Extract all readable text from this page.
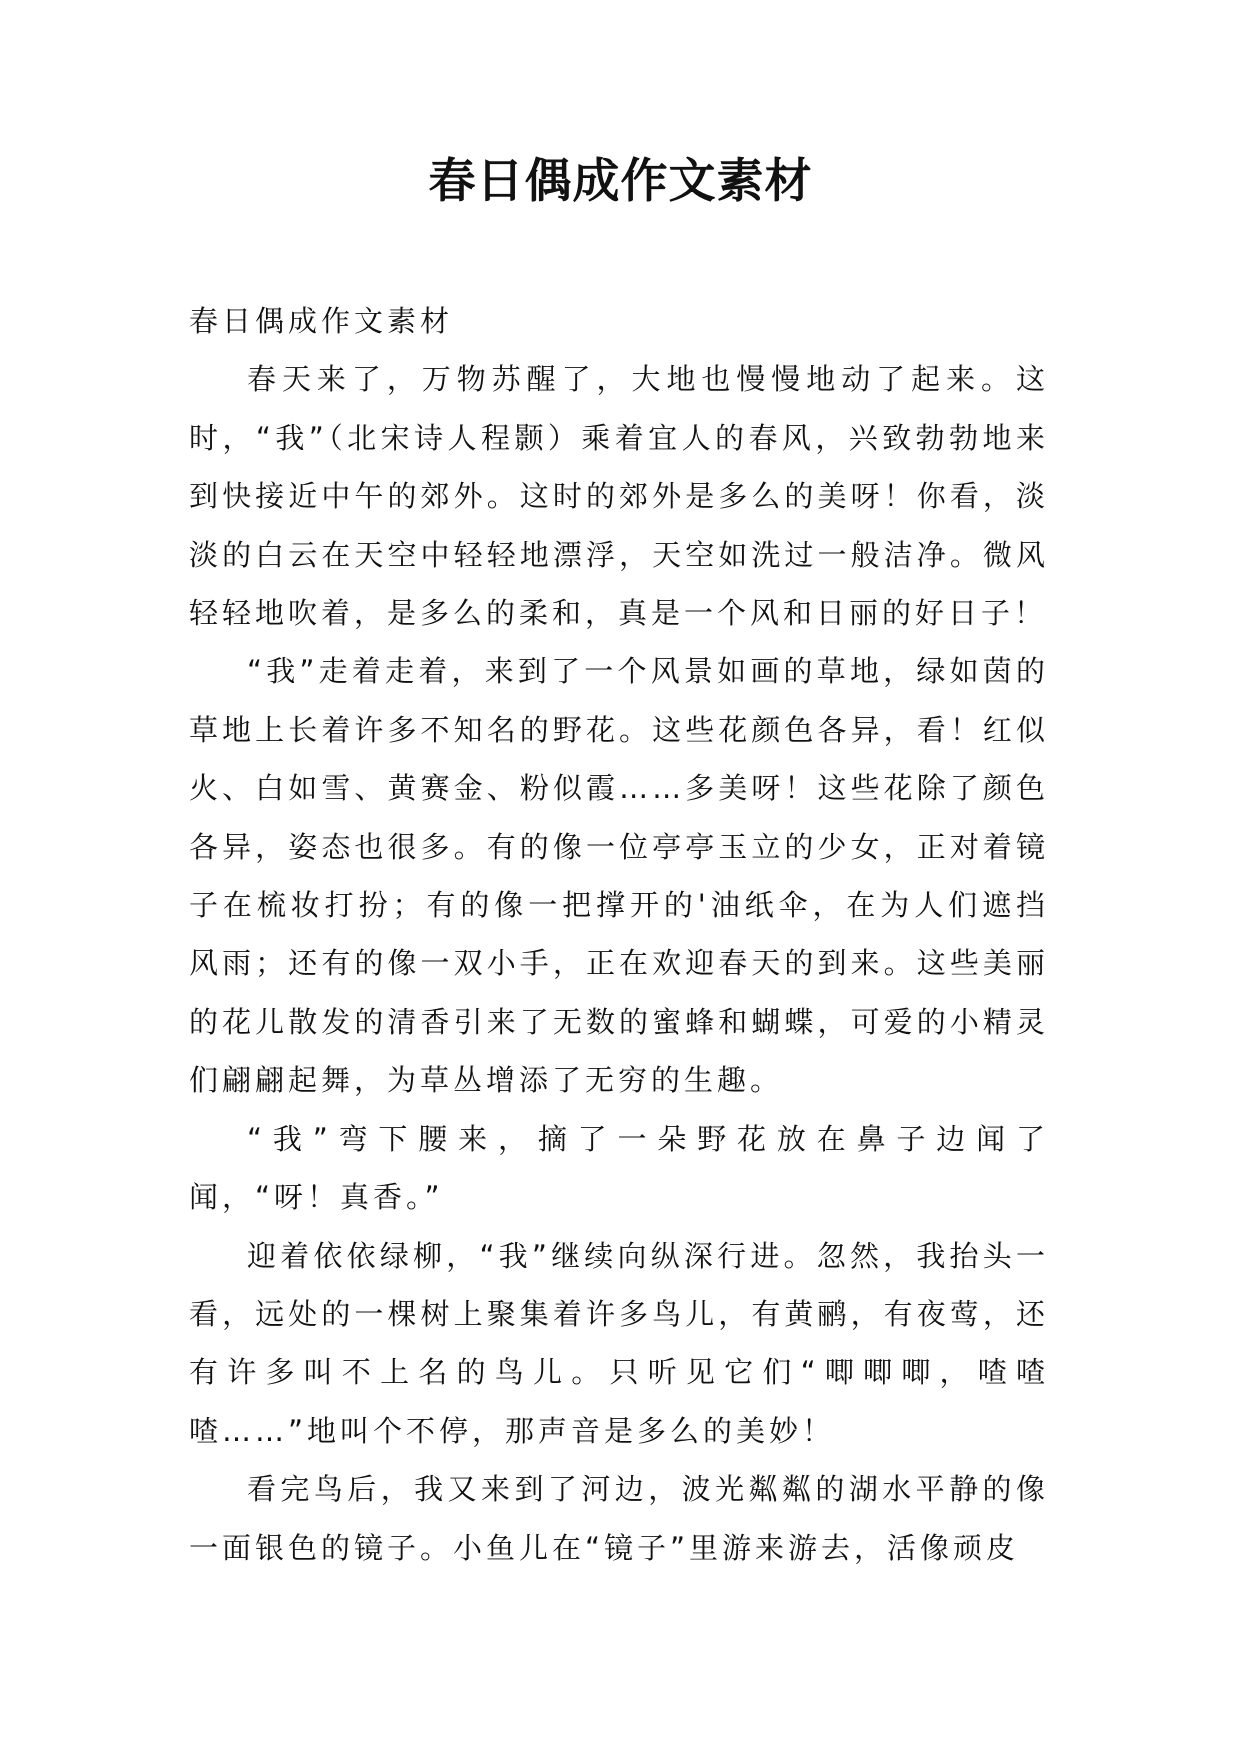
春日偶成作文素材

春日偶成作文素材

春天来了，万物苏醒了，大地也慢慢地动了起来。这时，“我”（北宋诗人程颢）乘着宜人的春风，兴致勃勃地来到快接近中午的郊外。这时的郊外是多么的美呀！你看，淡淡的白云在天空中轻轻地漂浮，天空如洗过一般洁净。微风轻轻地吹着，是多么的柔和，真是一个风和日丽的好日子！

“我”走着走着，来到了一个风景如画的草地，绿如茵的草地上长着许多不知名的野花。这些花颜色各异，看！红似火、白如雪、黄赛金、粉似霞……多美呀！这些花除了颜色各异，姿态也很多。有的像一位亭亭玉立的少女，正对着镜子在梳妆打扮；有的像一把撑开的'油纸伞，在为人们遮挡风雨；还有的像一双小手，正在欢迎春天的到来。这些美丽的花儿散发的清香引来了无数的蜜蜂和蝴蝶，可爱的小精灵们翩翩起舞，为草丛增添了无穷的生趣。

“我”弯下腰来，摘了一朵野花放在鼻子边闻了闻，“呀！真香。”

迎着依依绿柳，“我”继续向纵深行进。忽然，我抬头一看，远处的一棵树上聚集着许多鸟儿，有黄鹂，有夜莺，还有许多叫不上名的鸟儿。只听见它们“唧唧唧，喳喳喳……”地叫个不停，那声音是多么的美妙！

看完鸟后，我又来到了河边，波光粼粼的湖水平静的像一面银色的镜子。小鱼儿在“镜子”里游来游去，活像顽皮
